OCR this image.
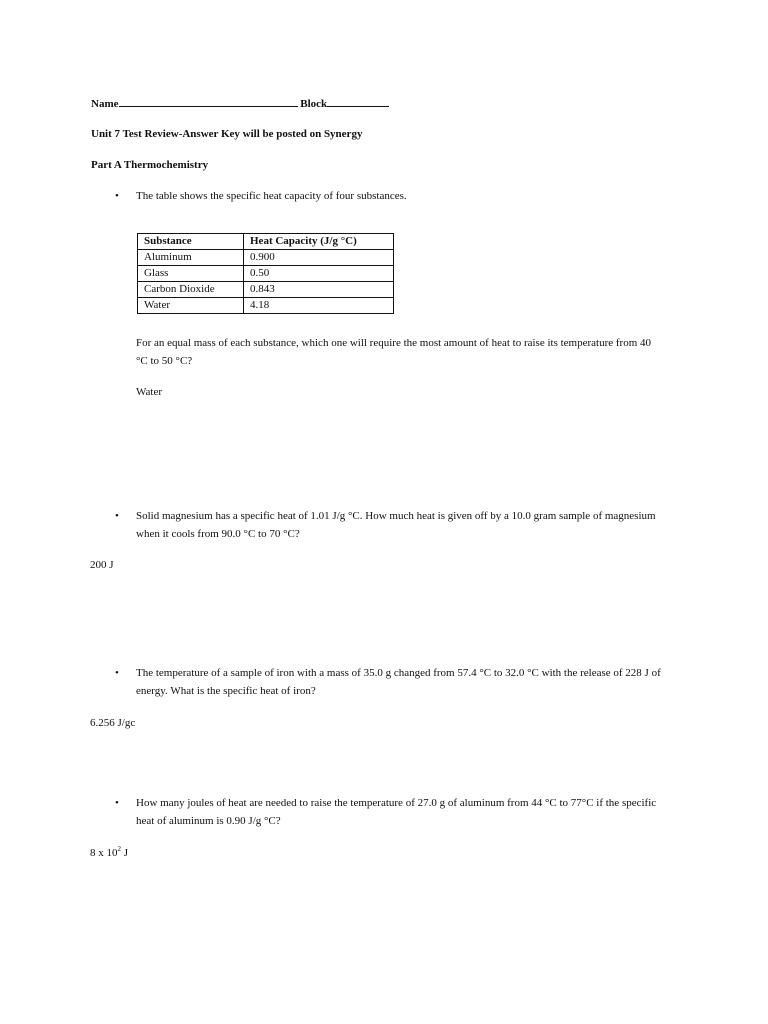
Name	Block
Unit 7 Test Review-Answer Key will be posted on Synergy
Part A Thermochemistry
• The table shows the specific heat capacity of four substances.
Substance	Heat Capacity (J/g °C)
Aluminum	0.900
Glass	0.50
Carbon Dioxide	0.843
Water	4.18
For an equal mass of each substance, which one will require the most amount of heat to raise its temperature from 40
°C to 50 °C?
Water
• Solid magnesium has a specific heat of 1.01 J/g °C. How much heat is given off by a 10.0 gram sample of magnesium
when it cools from 90.0 °C to 70 °C?
200 J
• The temperature of a sample of iron with a mass of 35.0 g changed from 57.4 °C to 32.0 °C with the release of 228 J of
energy. What is the specific heat of iron?
6.256 J/gc
• How many joules of heat are needed to raise the temperature of 27.0 g of aluminum from 44 °C to 77°C if the specific
heat of aluminum is 0.90 J/g °C?
8 x $10^2$ J
